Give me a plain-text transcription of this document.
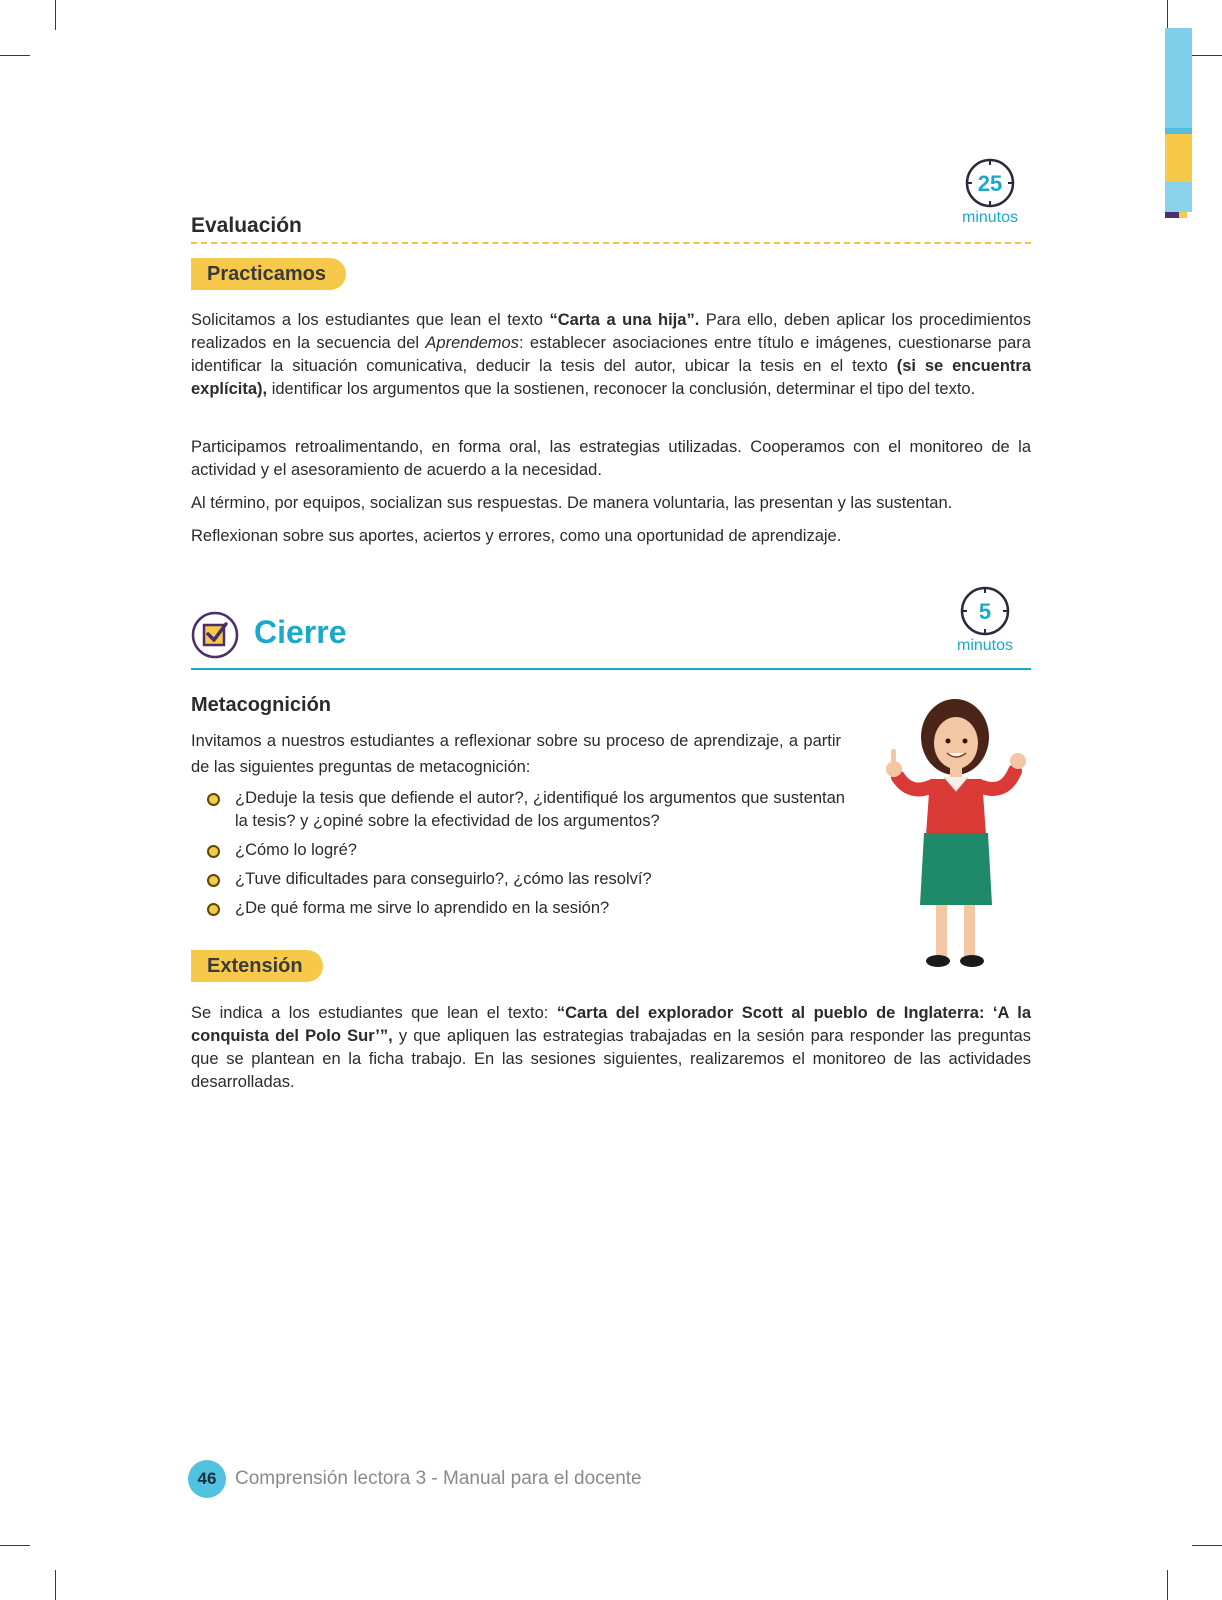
Evaluación
25
minutos
Practicamos

Solicitamos a los estudiantes que lean el texto “Carta a una hija”. Para ello, deben aplicar los procedimientos realizados en la secuencia del Aprendemos: establecer asociaciones entre título e imágenes, cuestionarse para identificar la situación comunicativa, deducir la tesis del autor, ubicar la tesis en el texto (si se encuentra explícita), identificar los argumentos que la sostienen, reconocer la conclusión, determinar el tipo del texto.

Participamos retroalimentando, en forma oral, las estrategias utilizadas. Cooperamos con el monitoreo de la actividad y el asesoramiento de acuerdo a la necesidad.

Al término, por equipos, socializan sus respuestas. De manera voluntaria, las presentan y las sustentan.

Reflexionan sobre sus aportes, aciertos y errores, como una oportunidad de aprendizaje.

Cierre
5
minutos
Metacognición

Invitamos a nuestros estudiantes a reflexionar sobre su proceso de aprendizaje, a partir de las siguientes preguntas de metacognición:

¿Deduje la tesis que defiende el autor?, ¿identifiqué los argumentos que sustentan la tesis? y ¿opiné sobre la efectividad de los argumentos?
¿Cómo lo logré?
¿Tuve dificultades para conseguirlo?, ¿cómo las resolví?
¿De qué forma me sirve lo aprendido en la sesión?
Extensión

Se indica a los estudiantes que lean el texto: “Carta del explorador Scott al pueblo de Inglaterra: ‘A la conquista del Polo Sur’”, y que apliquen las estrategias trabajadas en la sesión para responder las preguntas que se plantean en la ficha trabajo. En las sesiones siguientes, realizaremos el monitoreo de las actividades desarrolladas.

46 Comprensión lectora 3 - Manual para el docente
